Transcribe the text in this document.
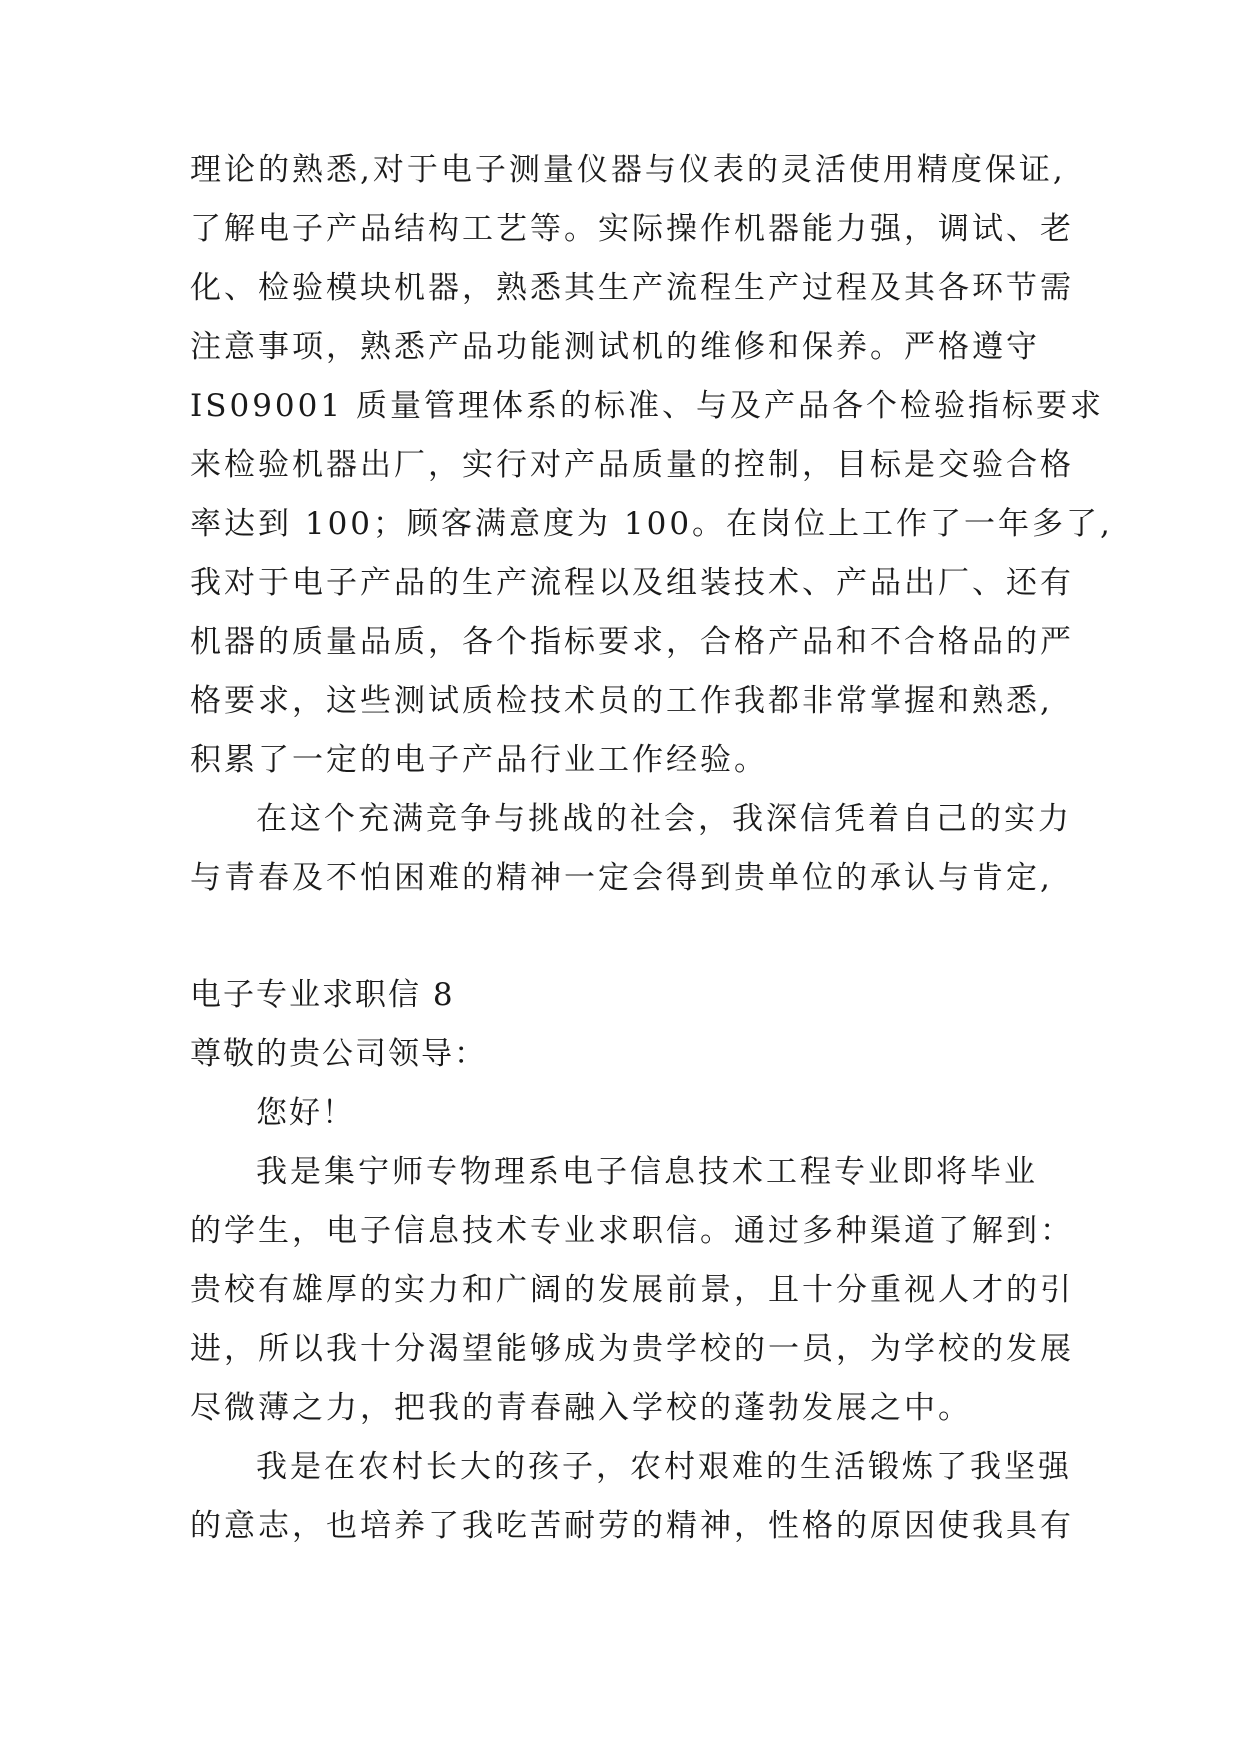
理论的熟悉,对于电子测量仪器与仪表的灵活使用精度保证,
了解电子产品结构工艺等。实际操作机器能力强，调试、老
化、检验模块机器，熟悉其生产流程生产过程及其各环节需
注意事项，熟悉产品功能测试机的维修和保养。严格遵守
IS09001 质量管理体系的标准、与及产品各个检验指标要求
来检验机器出厂，实行对产品质量的控制，目标是交验合格
率达到 100；顾客满意度为 100。在岗位上工作了一年多了,
我对于电子产品的生产流程以及组装技术、产品出厂、还有
机器的质量品质，各个指标要求，合格产品和不合格品的严
格要求，这些测试质检技术员的工作我都非常掌握和熟悉,
积累了一定的电子产品行业工作经验。
在这个充满竞争与挑战的社会，我深信凭着自己的实力
与青春及不怕困难的精神一定会得到贵单位的承认与肯定,
电子专业求职信 8
尊敬的贵公司领导：
您好！
我是集宁师专物理系电子信息技术工程专业即将毕业
的学生，电子信息技术专业求职信。通过多种渠道了解到：
贵校有雄厚的实力和广阔的发展前景，且十分重视人才的引
进，所以我十分渴望能够成为贵学校的一员，为学校的发展
尽微薄之力，把我的青春融入学校的蓬勃发展之中。
我是在农村长大的孩子，农村艰难的生活锻炼了我坚强
的意志，也培养了我吃苦耐劳的精神，性格的原因使我具有
